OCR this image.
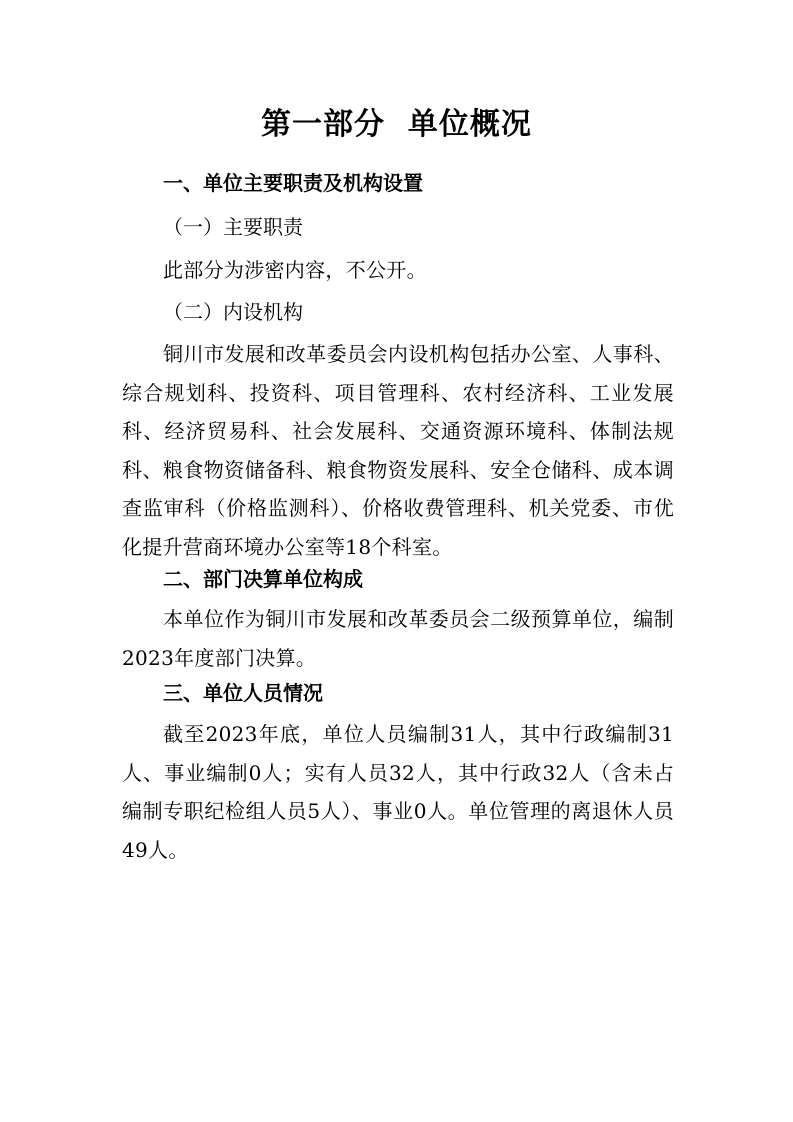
第一部分  单位概况
一、单位主要职责及机构设置
（一）主要职责
此部分为涉密内容，不公开。
（二）内设机构
铜川市发展和改革委员会内设机构包括办公室、人事科、综合规划科、投资科、项目管理科、农村经济科、工业发展科、经济贸易科、社会发展科、交通资源环境科、体制法规科、粮食物资储备科、粮食物资发展科、安全仓储科、成本调查监审科（价格监测科）、价格收费管理科、机关党委、市优化提升营商环境办公室等18个科室。
二、部门决算单位构成
本单位作为铜川市发展和改革委员会二级预算单位，编制2023年度部门决算。
三、单位人员情况
截至2023年底，单位人员编制31人，其中行政编制31人、事业编制0人；实有人员32人，其中行政32人（含未占编制专职纪检组人员5人）、事业0人。单位管理的离退休人员49人。
